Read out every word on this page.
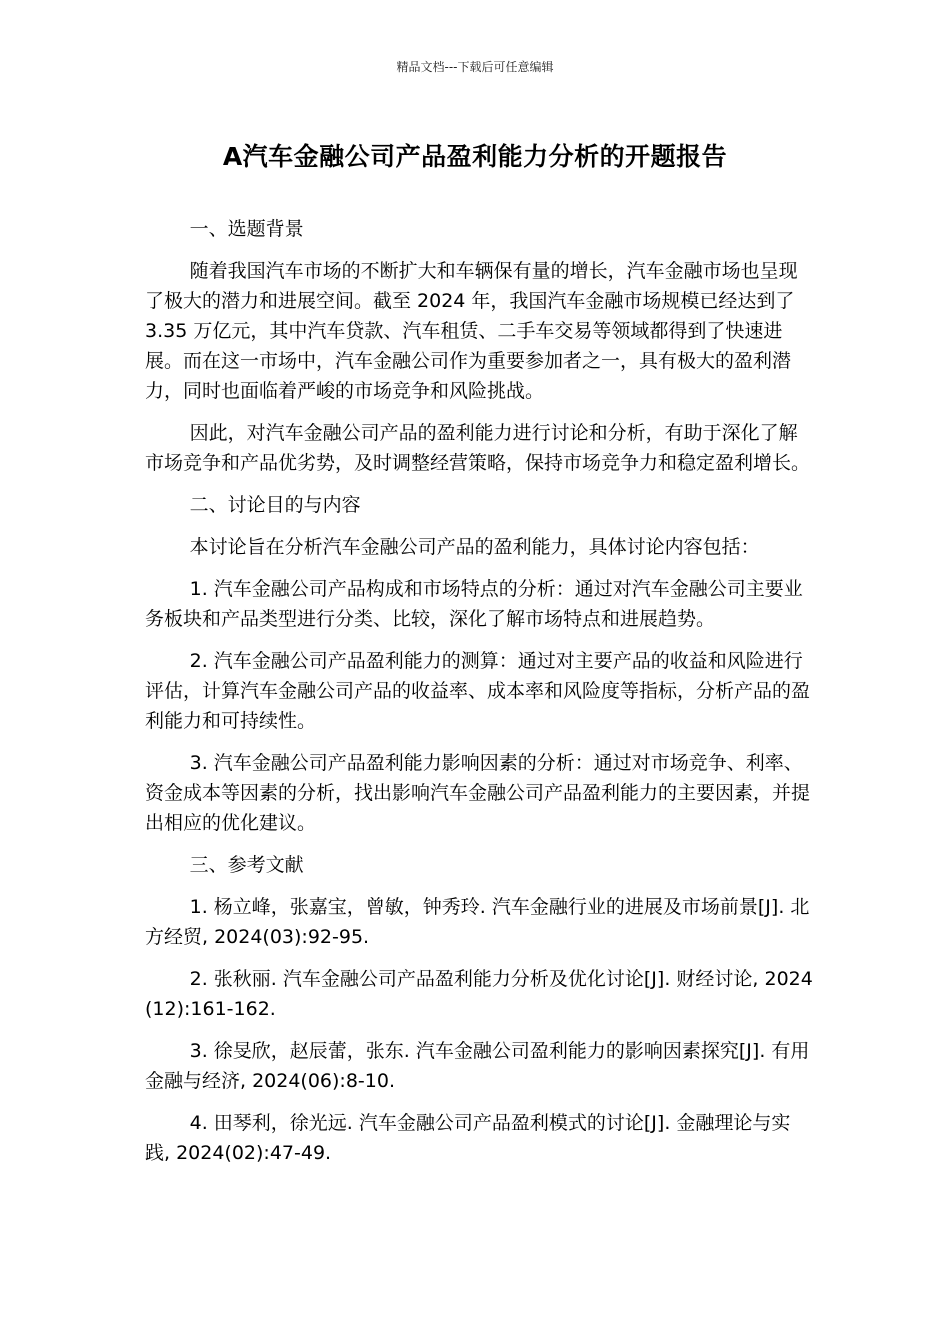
精品文档---下载后可任意编辑
A汽车金融公司产品盈利能力分析的开题报告

一、选题背景

随着我国汽车市场的不断扩大和车辆保有量的增长，汽车金融市场也呈现了极大的潜力和进展空间。截至 2024 年，我国汽车金融市场规模已经达到了 3.35 万亿元，其中汽车贷款、汽车租赁、二手车交易等领域都得到了快速进展。而在这一市场中，汽车金融公司作为重要参加者之一，具有极大的盈利潜力，同时也面临着严峻的市场竞争和风险挑战。

因此，对汽车金融公司产品的盈利能力进行讨论和分析，有助于深化了解市场竞争和产品优劣势，及时调整经营策略，保持市场竞争力和稳定盈利增长。

二、讨论目的与内容

本讨论旨在分析汽车金融公司产品的盈利能力，具体讨论内容包括：

1. 汽车金融公司产品构成和市场特点的分析：通过对汽车金融公司主要业务板块和产品类型进行分类、比较，深化了解市场特点和进展趋势。

2. 汽车金融公司产品盈利能力的测算：通过对主要产品的收益和风险进行评估，计算汽车金融公司产品的收益率、成本率和风险度等指标，分析产品的盈利能力和可持续性。

3. 汽车金融公司产品盈利能力影响因素的分析：通过对市场竞争、利率、资金成本等因素的分析，找出影响汽车金融公司产品盈利能力的主要因素，并提出相应的优化建议。

三、参考文献

1. 杨立峰，张嘉宝，曾敏，钟秀玲. 汽车金融行业的进展及市场前景[J]. 北方经贸, 2024(03):92-95.

2. 张秋丽. 汽车金融公司产品盈利能力分析及优化讨论[J]. 财经讨论, 2024(12):161-162.

3. 徐旻欣，赵辰蕾，张东. 汽车金融公司盈利能力的影响因素探究[J]. 有用金融与经济, 2024(06):8-10.

4. 田琴利，徐光远. 汽车金融公司产品盈利模式的讨论[J]. 金融理论与实践, 2024(02):47-49.
